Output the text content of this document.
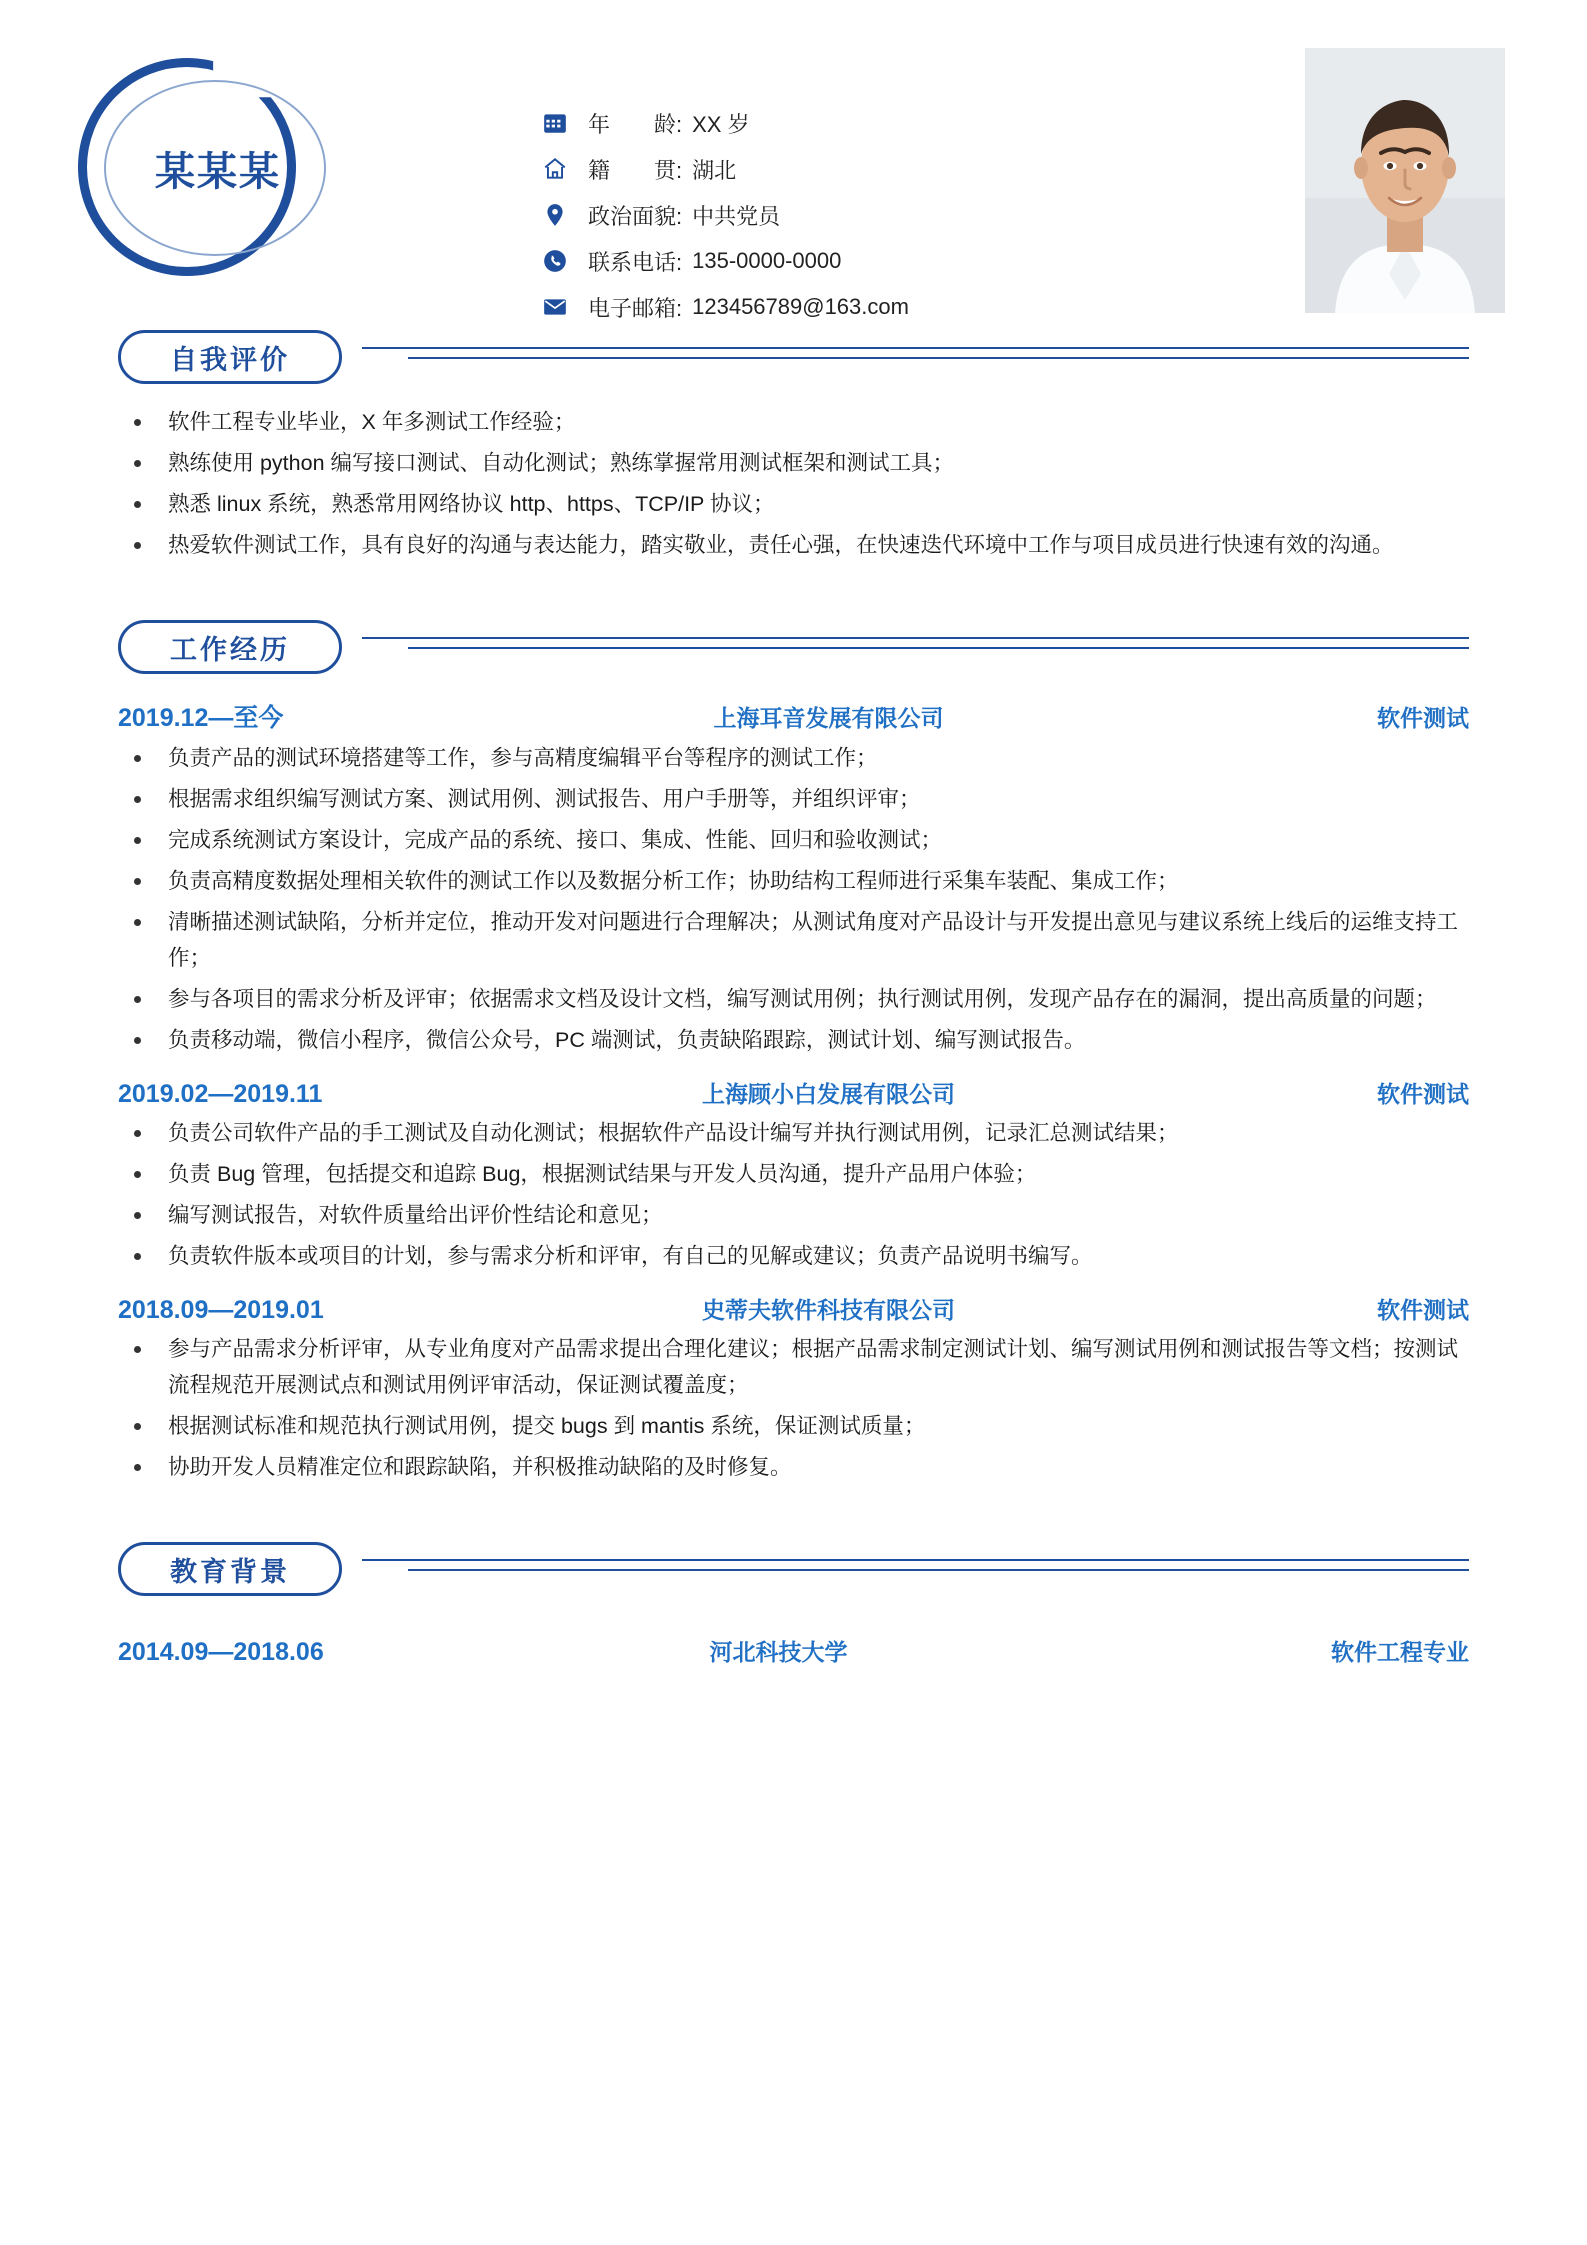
某某某
年　　龄: XX 岁
籍　　贯: 湖北
政治面貌: 中共党员
联系电话: 135-0000-0000
电子邮箱: 123456789@163.com
自我评价
软件工程专业毕业，X 年多测试工作经验；
熟练使用 python 编写接口测试、自动化测试；熟练掌握常用测试框架和测试工具；
熟悉 linux 系统，熟悉常用网络协议 http、https、TCP/IP 协议；
热爱软件测试工作，具有良好的沟通与表达能力，踏实敬业，责任心强，在快速迭代环境中工作与项目成员进行快速有效的沟通。
工作经历
2019.12—至今	上海耳音发展有限公司	软件测试
负责产品的测试环境搭建等工作，参与高精度编辑平台等程序的测试工作；
根据需求组织编写测试方案、测试用例、测试报告、用户手册等，并组织评审；
完成系统测试方案设计，完成产品的系统、接口、集成、性能、回归和验收测试；
负责高精度数据处理相关软件的测试工作以及数据分析工作；协助结构工程师进行采集车装配、集成工作；
清晰描述测试缺陷，分析并定位，推动开发对问题进行合理解决；从测试角度对产品设计与开发提出意见与建议系统上线后的运维支持工作；
参与各项目的需求分析及评审；依据需求文档及设计文档，编写测试用例；执行测试用例，发现产品存在的漏洞，提出高质量的问题；
负责移动端，微信小程序，微信公众号，PC 端测试，负责缺陷跟踪，测试计划、编写测试报告。
2019.02—2019.11	上海顾小白发展有限公司	软件测试
负责公司软件产品的手工测试及自动化测试；根据软件产品设计编写并执行测试用例，记录汇总测试结果；
负责 Bug 管理，包括提交和追踪 Bug，根据测试结果与开发人员沟通，提升产品用户体验；
编写测试报告，对软件质量给出评价性结论和意见；
负责软件版本或项目的计划，参与需求分析和评审，有自己的见解或建议；负责产品说明书编写。
2018.09—2019.01	史蒂夫软件科技有限公司	软件测试
参与产品需求分析评审，从专业角度对产品需求提出合理化建议；根据产品需求制定测试计划、编写测试用例和测试报告等文档；按测试流程规范开展测试点和测试用例评审活动，保证测试覆盖度；
根据测试标准和规范执行测试用例，提交 bugs 到 mantis 系统，保证测试质量；
协助开发人员精准定位和跟踪缺陷，并积极推动缺陷的及时修复。
教育背景
2014.09—2018.06	河北科技大学	软件工程专业
